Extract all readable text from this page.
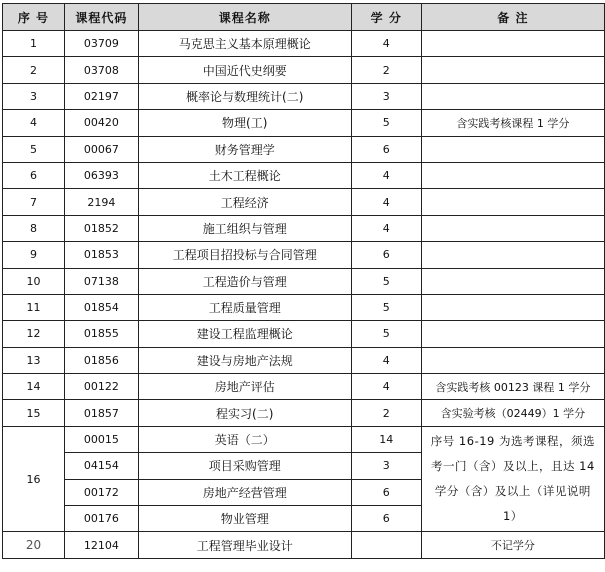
序 号	课程代码	课程名称	学 分	备 注
1	03709	马克思主义基本原理概论	4	
2	03708	中国近代史纲要	2	
3	02197	概率论与数理统计(二)	3	
4	00420	物理(工)	5	含实践考核课程 1 学分
5	00067	财务管理学	6	
6	06393	土木工程概论	4	
7	2194	工程经济	4	
8	01852	施工组织与管理	4	
9	01853	工程项目招投标与合同管理	6	
10	07138	工程造价与管理	5	
11	01854	工程质量管理	5	
12	01855	建设工程监理概论	5	
13	01856	建设与房地产法规	4	
14	00122	房地产评估	4	含实践考核 00123 课程 1 学分
15	01857	程实习(二)	2	含实验考核（02449）1 学分
16	00015	英语（二）	14	序号 16-19 为选考课程，须选考一门（含）及以上，且达 14 学分（含）及以上（详见说明 1）
	04154	项目采购管理	3	
	00172	房地产经营管理	6	
	00176	物业管理	6	
20	12104	工程管理毕业设计		不记学分
